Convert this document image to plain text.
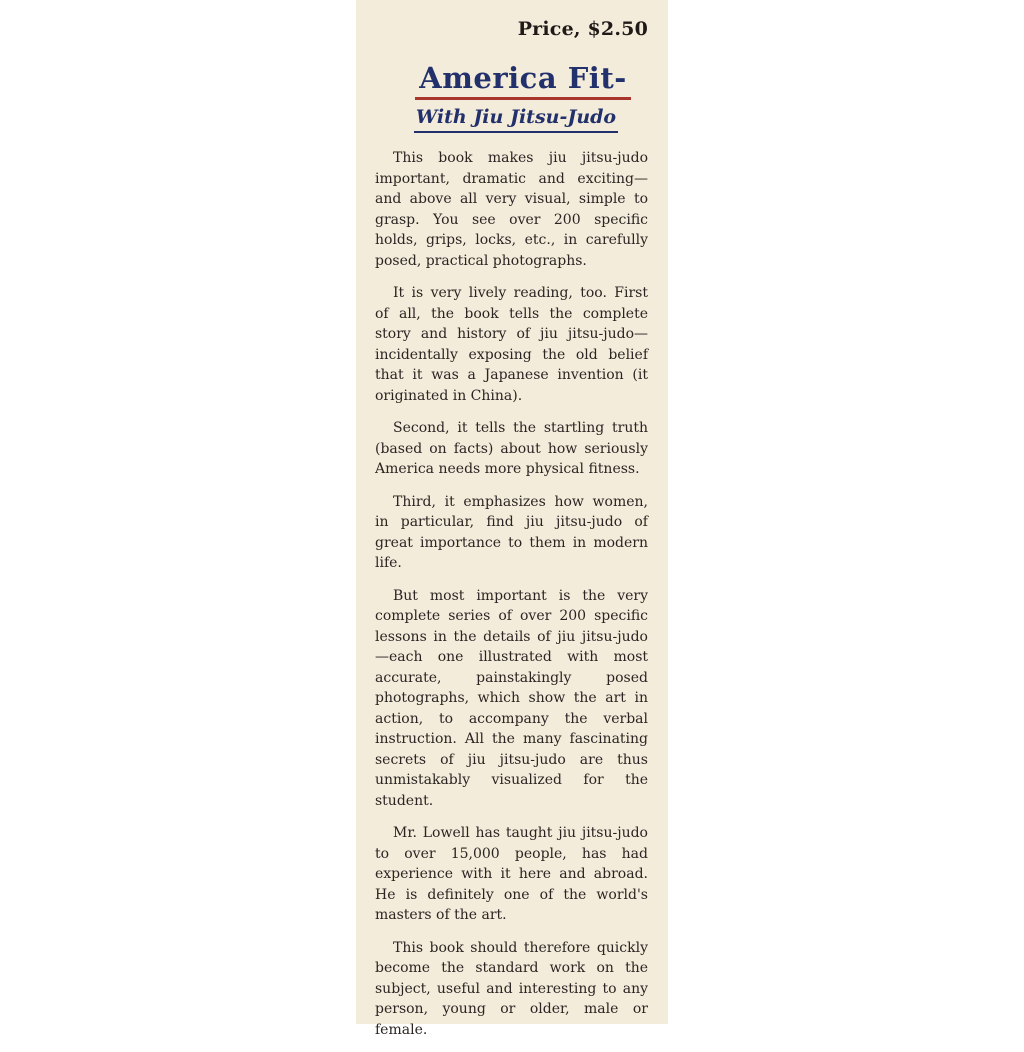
Price, $2.50
America Fit-
With Jiu Jitsu-Judo

This book makes jiu jitsu-judo important, dramatic and exciting—and above all very visual, simple to grasp. You see over 200 specific holds, grips, locks, etc., in carefully posed, practical photographs.

It is very lively reading, too. First of all, the book tells the complete story and history of jiu jitsu-judo—incidentally exposing the old belief that it was a Japanese invention (it originated in China).

Second, it tells the startling truth (based on facts) about how seriously America needs more physical fitness.

Third, it emphasizes how women, in particular, find jiu jitsu-judo of great importance to them in modern life.

But most important is the very complete series of over 200 specific lessons in the details of jiu jitsu-judo—each one illustrated with most accurate, painstakingly posed photographs, which show the art in action, to accompany the verbal instruction. All the many fascinating secrets of jiu jitsu-judo are thus unmistakably visualized for the student.

Mr. Lowell has taught jiu jitsu-judo to over 15,000 people, has had experience with it here and abroad. He is definitely one of the world's masters of the art.

This book should therefore quickly become the standard work on the subject, useful and interesting to any person, young or older, male or female.
